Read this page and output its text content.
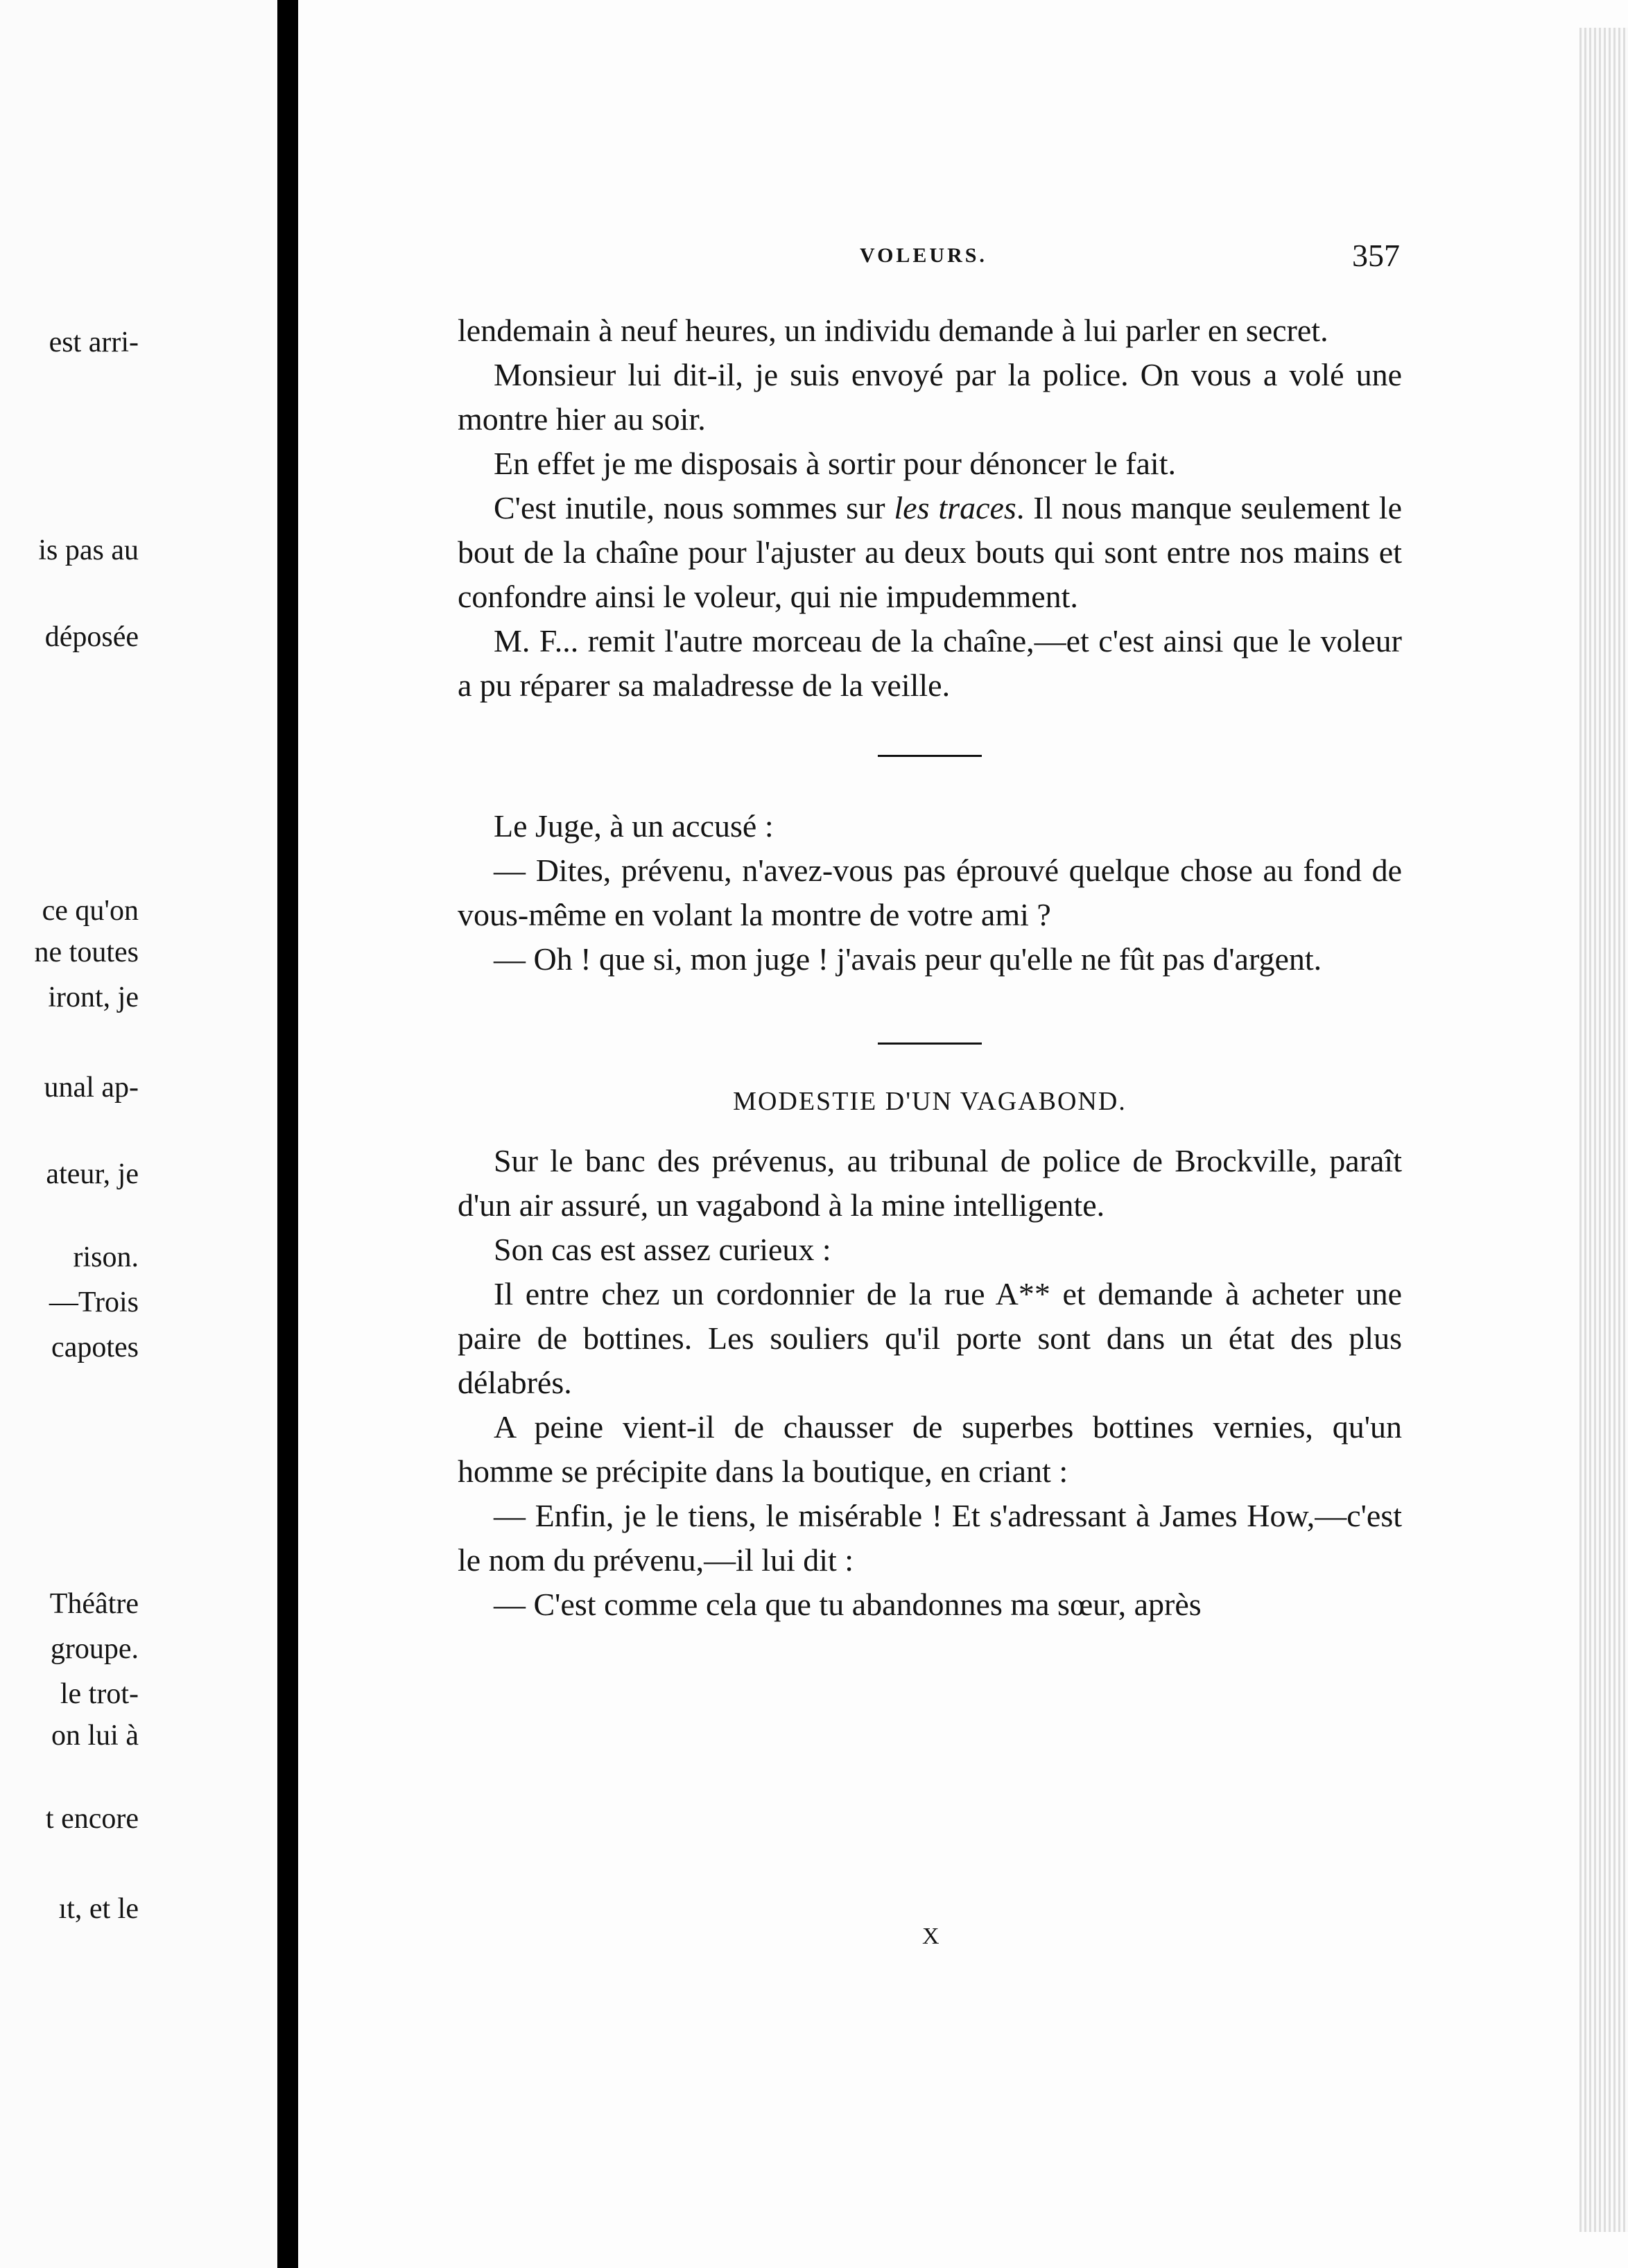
est arri-
is pas au
déposée
ce qu'on
ne toutes
iront, je
unal ap-
ateur, je
rison.
—Trois
capotes
Théâtre
groupe.
le trot-
on lui à
t encore
ıt, et le
VOLEURS.	357

lendemain à neuf heures, un individu demande à lui parler en secret.

Monsieur lui dit-il, je suis envoyé par la police. On vous a volé une montre hier au soir.

En effet je me disposais à sortir pour dénoncer le fait.

C'est inutile, nous sommes sur les traces. Il nous manque seulement le bout de la chaîne pour l'ajuster au deux bouts qui sont entre nos mains et confondre ainsi le voleur, qui nie impudemment.

M. F... remit l'autre morceau de la chaîne,—et c'est ainsi que le voleur a pu réparer sa maladresse de la veille.

Le Juge, à un accusé :

— Dites, prévenu, n'avez-vous pas éprouvé quelque chose au fond de vous-même en volant la montre de votre ami ?

— Oh ! que si, mon juge ! j'avais peur qu'elle ne fût pas d'argent.

MODESTIE D'UN VAGABOND.

Sur le banc des prévenus, au tribunal de police de Brockville, paraît d'un air assuré, un vagabond à la mine intelligente.

Son cas est assez curieux :

Il entre chez un cordonnier de la rue A** et demande à acheter une paire de bottines. Les souliers qu'il porte sont dans un état des plus délabrés.

A peine vient-il de chausser de superbes bottines vernies, qu'un homme se précipite dans la boutique, en criant :

— Enfin, je le tiens, le misérable ! Et s'adressant à James How,—c'est le nom du prévenu,—il lui dit :

— C'est comme cela que tu abandonnes ma sœur, après

X
